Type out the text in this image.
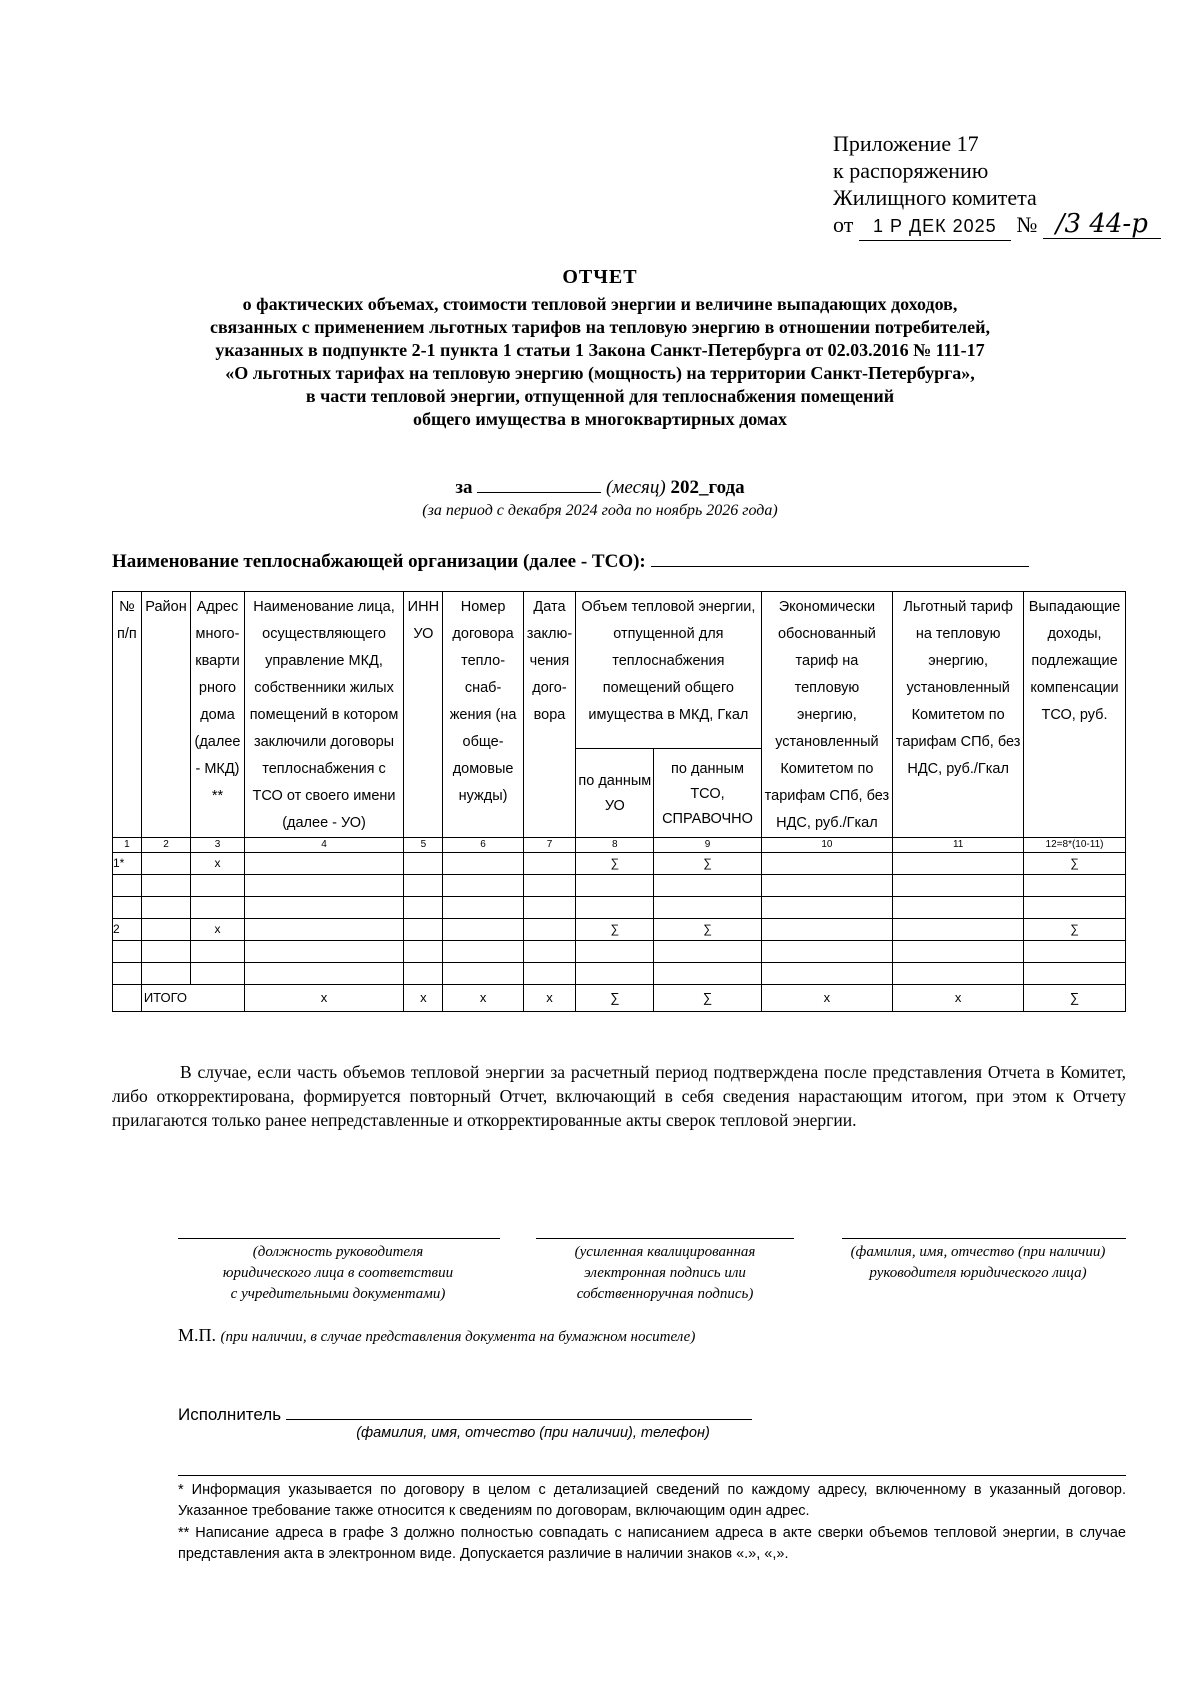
Приложение 17
к распоряжению
Жилищного комитета
от 1 Р ДЕК 2025 № /3 44-р
ОТЧЕТ
о фактических объемах, стоимости тепловой энергии и величине выпадающих доходов,
связанных с применением льготных тарифов на тепловую энергию в отношении потребителей,
указанных в подпункте 2-1 пункта 1 статьи 1 Закона Санкт-Петербурга от 02.03.2016 № 111-17
«О льготных тарифах на тепловую энергию (мощность) на территории Санкт-Петербурга»,
в части тепловой энергии, отпущенной для теплоснабжения помещений
общего имущества в многоквартирных домах
за	(месяц) 202_года
(за период с декабря 2024 года по ноябрь 2026 года)
Наименование теплоснабжающей организации (далее - ТСО):
№ п/п	Район	Адрес много-кварти рного дома (далее - МКД) **	Наименование лица, осуществляющего управление МКД, собственники жилых помещений в котором заключили договоры теплоснабжения с ТСО от своего имени (далее - УО)	ИНН УО	Номер договора тепло-снаб-жения (на обще-домовые нужды)	Дата заклю-чения дого-вора	Объем тепловой энергии, отпущенной для теплоснабжения помещений общего имущества в МКД, Гкал		Экономически обоснованный тариф на тепловую энергию, установленный Комитетом по тарифам СПб, без НДС, руб./Гкал	Льготный тариф на тепловую энергию, установленный Комитетом по тарифам СПб, без НДС, руб./Гкал	Выпадающие доходы, подлежащие компенсации ТСО, руб.
							по данным УО	по данным ТСО, СПРАВОЧНО			
1	2	3	4	5	6	7	8	9	10	11	12=8*(10-11)
1*		x					∑	∑			∑

2		x					∑	∑			∑

	ИТОГО		x	x	x	x	∑	∑	x	x	∑
В случае, если часть объемов тепловой энергии за расчетный период подтверждена после представления Отчета в Комитет, либо откорректирована, формируется повторный Отчет, включающий в себя сведения нарастающим итогом, при этом к Отчету прилагаются только ранее непредставленные и откорректированные акты сверок тепловой энергии.
(должность руководителя
юридического лица в соответствии
с учредительными документами)
(усиленная квалицированная
электронная подпись или
собственноручная подпись)
(фамилия, имя, отчество (при наличии)
руководителя юридического лица)
М.П. (при наличии, в случае представления документа на бумажном носителе)
Исполнитель
(фамилия, имя, отчество (при наличии), телефон)
* Информация указывается по договору в целом с детализацией сведений по каждому адресу, включенному в указанный договор. Указанное требование также относится к сведениям по договорам, включающим один адрес.
** Написание адреса в графе 3 должно полностью совпадать с написанием адреса в акте сверки объемов тепловой энергии, в случае представления акта в электронном виде. Допускается различие в наличии знаков «.», «,».
